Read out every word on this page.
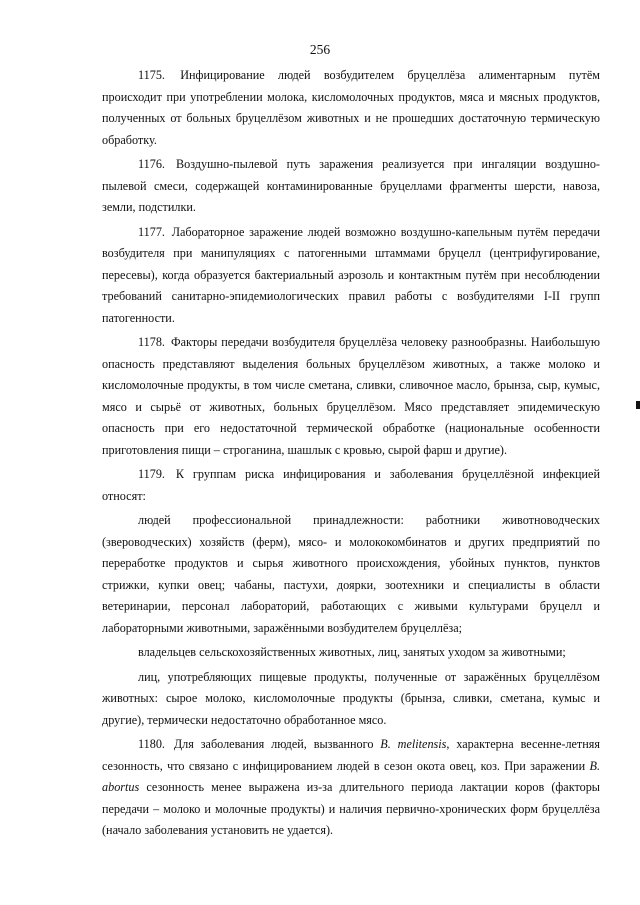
256

1175. Инфицирование людей возбудителем бруцеллёза алиментарным путём происходит при употреблении молока, кисломолочных продуктов, мяса и мясных продуктов, полученных от больных бруцеллёзом животных и не прошедших достаточную термическую обработку.

1176. Воздушно-пылевой путь заражения реализуется при ингаляции воздушно-пылевой смеси, содержащей контаминированные бруцеллами фрагменты шерсти, навоза, земли, подстилки.

1177. Лабораторное заражение людей возможно воздушно-капельным путём передачи возбудителя при манипуляциях с патогенными штаммами бруцелл (центрифугирование, пересевы), когда образуется бактериальный аэрозоль и контактным путём при несоблюдении требований санитарно-эпидемиологических правил работы с возбудителями I-II групп патогенности.

1178. Факторы передачи возбудителя бруцеллёза человеку разнообразны. Наибольшую опасность представляют выделения больных бруцеллёзом животных, а также молоко и кисломолочные продукты, в том числе сметана, сливки, сливочное масло, брынза, сыр, кумыс, мясо и сырьё от животных, больных бруцеллёзом. Мясо представляет эпидемическую опасность при его недостаточной термической обработке (национальные особенности приготовления пищи – строганина, шашлык с кровью, сырой фарш и другие).

1179. К группам риска инфицирования и заболевания бруцеллёзной инфекцией относят:

людей профессиональной принадлежности: работники животноводческих (звероводческих) хозяйств (ферм), мясо- и молококомбинатов и других предприятий по переработке продуктов и сырья животного происхождения, убойных пунктов, пунктов стрижки, купки овец; чабаны, пастухи, доярки, зоотехники и специалисты в области ветеринарии, персонал лабораторий, работающих с живыми культурами бруцелл и лабораторными животными, заражёнными возбудителем бруцеллёза;

владельцев сельскохозяйственных животных, лиц, занятых уходом за животными;

лиц, употребляющих пищевые продукты, полученные от заражённых бруцеллёзом животных: сырое молоко, кисломолочные продукты (брынза, сливки, сметана, кумыс и другие), термически недостаточно обработанное мясо.

1180. Для заболевания людей, вызванного B. melitensis, характерна весенне-летняя сезонность, что связано с инфицированием людей в сезон окота овец, коз. При заражении B. abortus сезонность менее выражена из-за длительного периода лактации коров (факторы передачи – молоко и молочные продукты) и наличия первично-хронических форм бруцеллёза (начало заболевания установить не удается).
